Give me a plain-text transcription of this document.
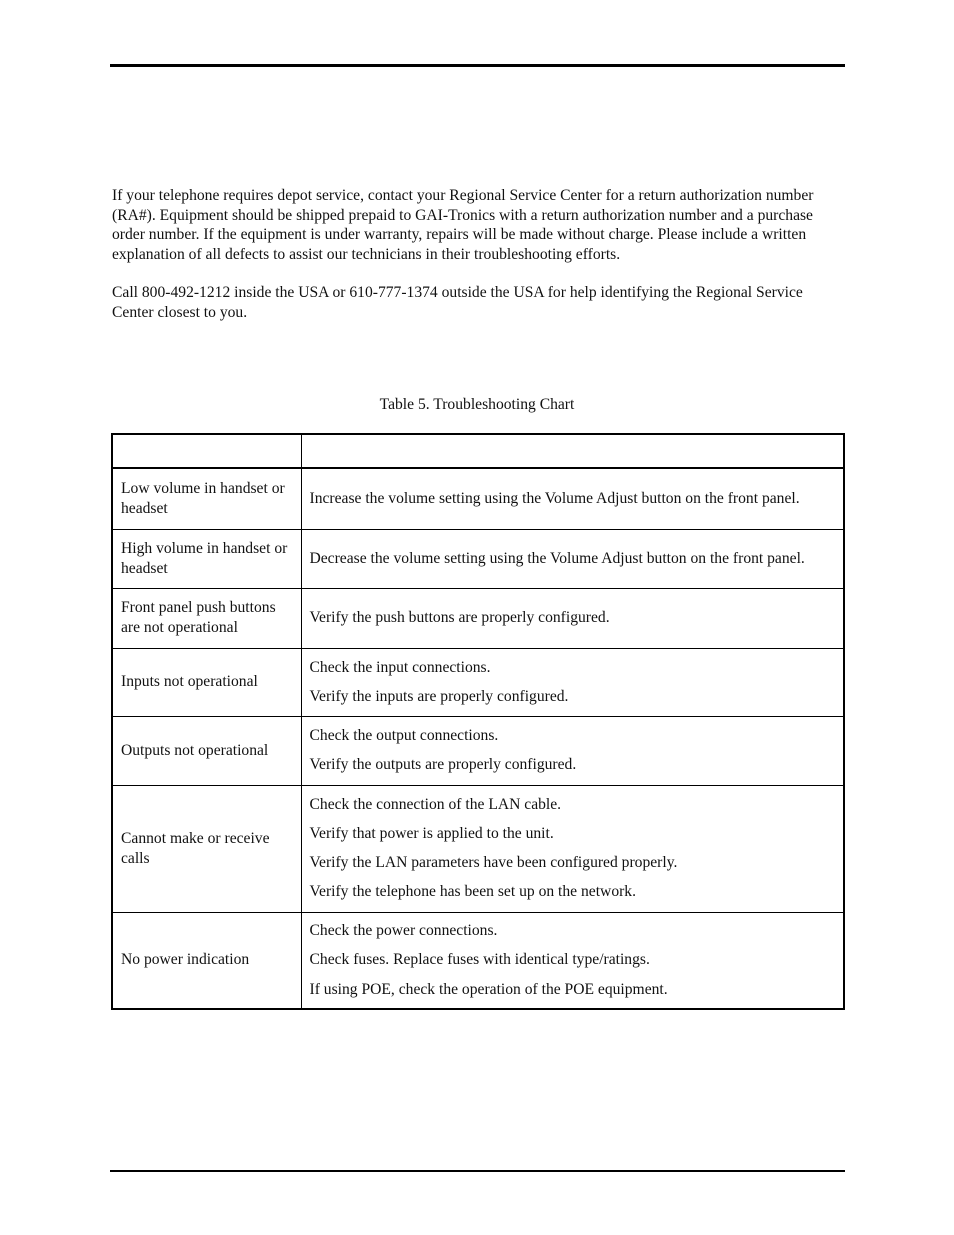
If your telephone requires depot service, contact your Regional Service Center for a return authorization number (RA#). Equipment should be shipped prepaid to GAI-Tronics with a return authorization number and a purchase order number. If the equipment is under warranty, repairs will be made without charge. Please include a written explanation of all defects to assist our technicians in their troubleshooting efforts.

Call 800-492-1212 inside the USA or 610-777-1374 outside the USA for help identifying the Regional Service Center closest to you.

Table 5. Troubleshooting Chart

Low volume in handset or headset	Increase the volume setting using the Volume Adjust button on the front panel.

High volume in handset or headset	Decrease the volume setting using the Volume Adjust button on the front panel.

Front panel push buttons are not operational	Verify the push buttons are properly configured.

Inputs not operational	Check the input connections.
Verify the inputs are properly configured.

Outputs not operational	Check the output connections.
Verify the outputs are properly configured.

Cannot make or receive calls	Check the connection of the LAN cable.
Verify that power is applied to the unit.
Verify the LAN parameters have been configured properly.
Verify the telephone has been set up on the network.

No power indication	Check the power connections.
Check fuses. Replace fuses with identical type/ratings.
If using POE, check the operation of the POE equipment.
